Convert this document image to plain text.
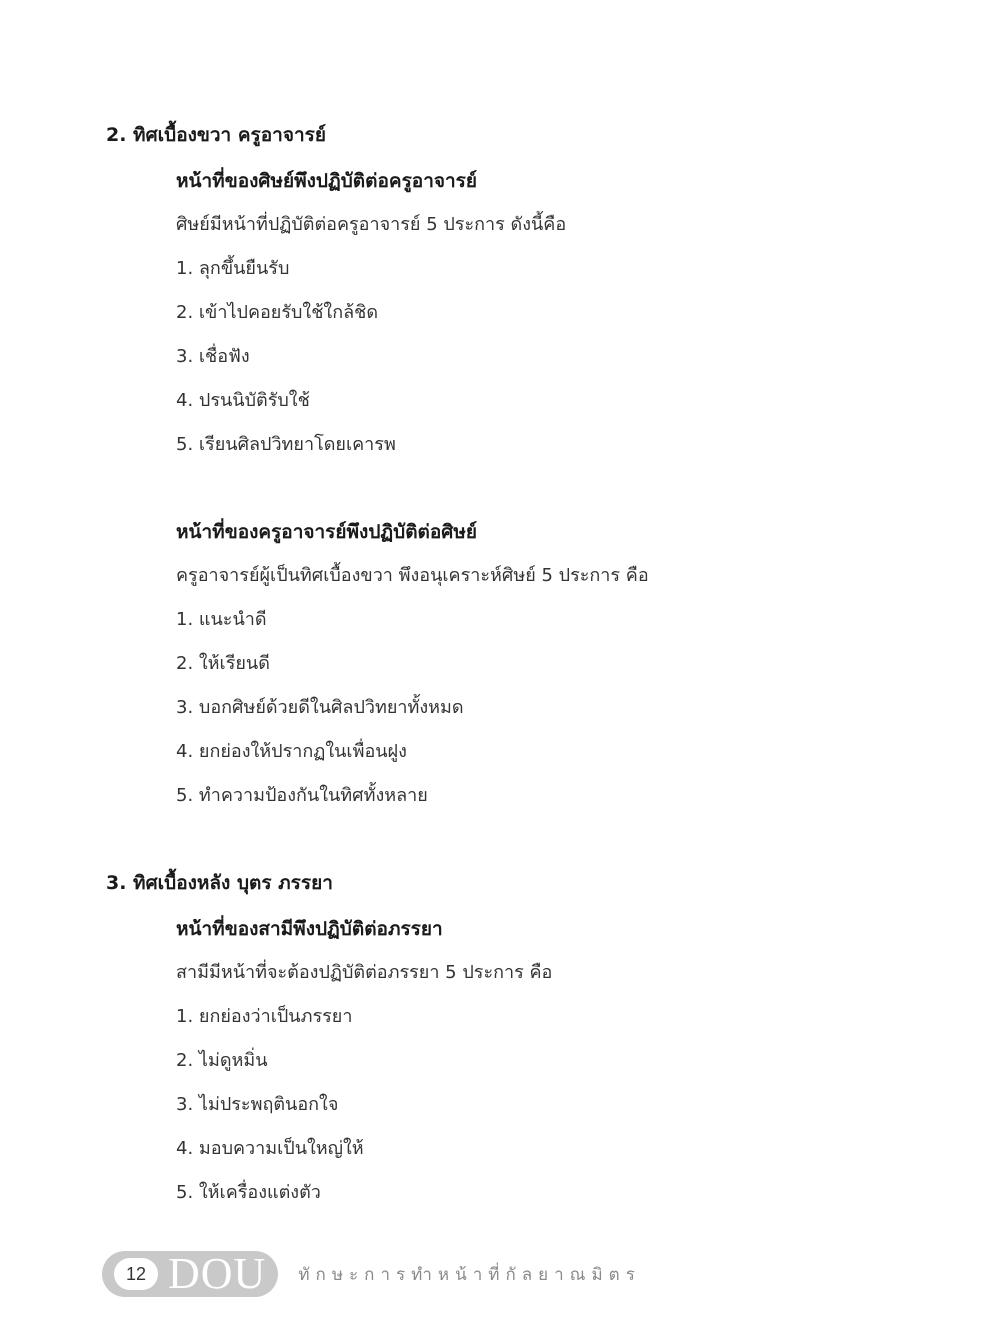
2. ทิศเบื้องขวา ครูอาจารย์
หน้าที่ของศิษย์พึงปฏิบัติต่อครูอาจารย์
ศิษย์มีหน้าที่ปฏิบัติต่อครูอาจารย์ 5 ประการ ดังนี้คือ
1. ลุกขึ้นยืนรับ
2. เข้าไปคอยรับใช้ใกล้ชิด
3. เชื่อฟัง
4. ปรนนิบัติรับใช้
5. เรียนศิลปวิทยาโดยเคารพ
หน้าที่ของครูอาจารย์พึงปฏิบัติต่อศิษย์
ครูอาจารย์ผู้เป็นทิศเบื้องขวา พึงอนุเคราะห์ศิษย์ 5 ประการ คือ
1. แนะนำดี
2. ให้เรียนดี
3. บอกศิษย์ด้วยดีในศิลปวิทยาทั้งหมด
4. ยกย่องให้ปรากฏในเพื่อนฝูง
5. ทำความป้องกันในทิศทั้งหลาย
3. ทิศเบื้องหลัง บุตร ภรรยา
หน้าที่ของสามีพึงปฏิบัติต่อภรรยา
สามีมีหน้าที่จะต้องปฏิบัติต่อภรรยา 5 ประการ คือ
1. ยกย่องว่าเป็นภรรยา
2. ไม่ดูหมิ่น
3. ไม่ประพฤตินอกใจ
4. มอบความเป็นใหญ่ให้
5. ให้เครื่องแต่งตัว
12 DOU ทักษะการทำหน้าที่กัลยาณมิตร
